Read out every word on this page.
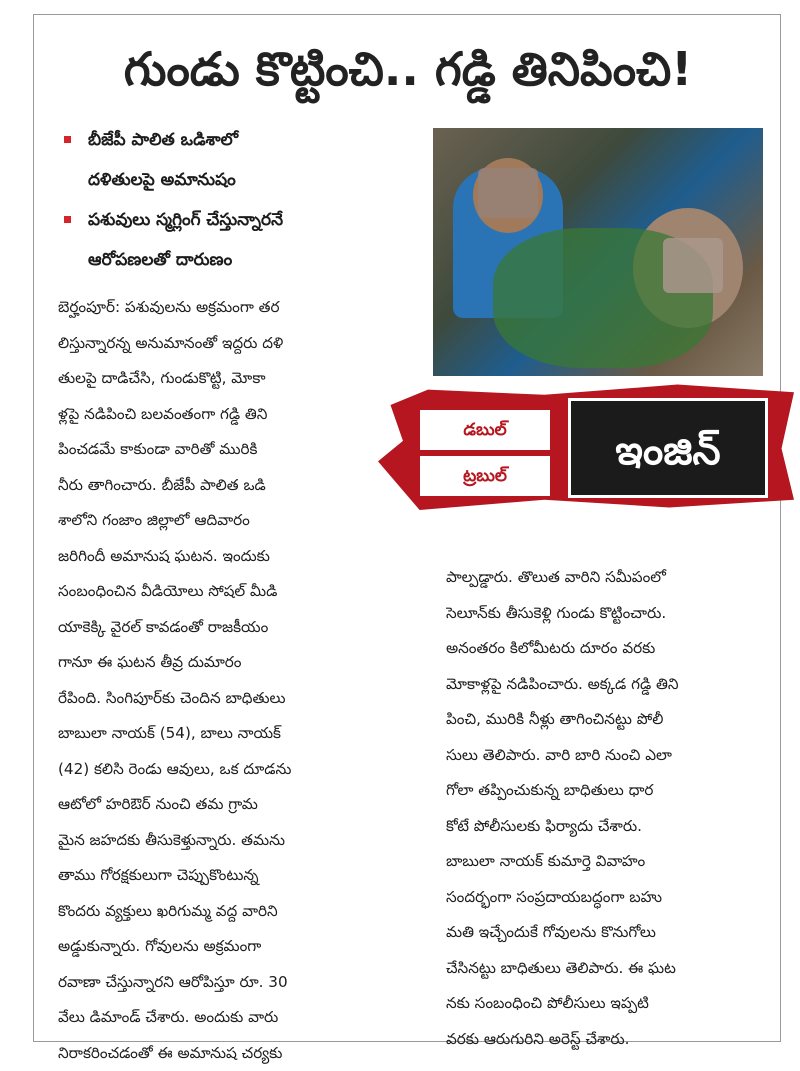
గుండు కొట్టించి.. గడ్డి తినిపించి!
బీజేపీ పాలిత ఒడిశాలో
దళితులపై అమానుషం
పశువులు స్మగ్లింగ్ చేస్తున్నారనే
ఆరోపణలతో దారుణం
డబుల్
ట్రబుల్
ఇంజిన్
బెర్హంపూర్: పశువులను అక్రమంగా తర
లిస్తున్నారన్న అనుమానంతో ఇద్దరు దళి
తులపై దాడిచేసి, గుండుకొట్టి, మోకా
ళ్లపై నడిపించి బలవంతంగా గడ్డి తిని
పించడమే కాకుండా వారితో మురికి
నీరు తాగించారు. బీజేపీ పాలిత ఒడి
శాలోని గంజాం జిల్లాలో ఆదివారం
జరిగిందీ అమానుష ఘటన. ఇందుకు
సంబంధించిన వీడియోలు సోషల్ మీడి
యాకెక్కి వైరల్ కావడంతో రాజకీయం
గానూ ఈ ఘటన తీవ్ర దుమారం
రేపింది. సింగిపూర్‌కు చెందిన బాధితులు
బాబులా నాయక్ (54), బాలు నాయక్
(42) కలిసి రెండు ఆవులు, ఒక దూడను
ఆటోలో హరిఔర్ నుంచి తమ గ్రామ
మైన జహదకు తీసుకెళ్తున్నారు. తమను
తాము గోరక్షకులుగా చెప్పుకొంటున్న
కొందరు వ్యక్తులు ఖరిగుమ్మ వద్ద వారిని
అడ్డుకున్నారు. గోవులను అక్రమంగా
రవాణా చేస్తున్నారని ఆరోపిస్తూ రూ. 30
వేలు డిమాండ్ చేశారు. అందుకు వారు
నిరాకరించడంతో ఈ అమానుష చర్యకు
పాల్పడ్డారు. తొలుత వారిని సమీపంలో
సెలూన్‌కు తీసుకెళ్లి గుండు కొట్టించారు.
అనంతరం కిలోమీటరు దూరం వరకు
మోకాళ్లపై నడిపించారు. అక్కడ గడ్డి తిని
పించి, మురికి నీళ్లు తాగించినట్టు పోలీ
సులు తెలిపారు. వారి బారి నుంచి ఎలా
గోలా తప్పించుకున్న బాధితులు ధార
కోటే పోలీసులకు ఫిర్యాదు చేశారు.
బాబులా నాయక్ కుమార్తె వివాహం
సందర్భంగా సంప్రదాయబద్ధంగా బహు
మతి ఇచ్చేందుకే గోవులను కొనుగోలు
చేసినట్టు బాధితులు తెలిపారు. ఈ ఘట
నకు సంబంధించి పోలీసులు ఇప్పటి
వరకు ఆరుగురిని అరెస్ట్ చేశారు.
